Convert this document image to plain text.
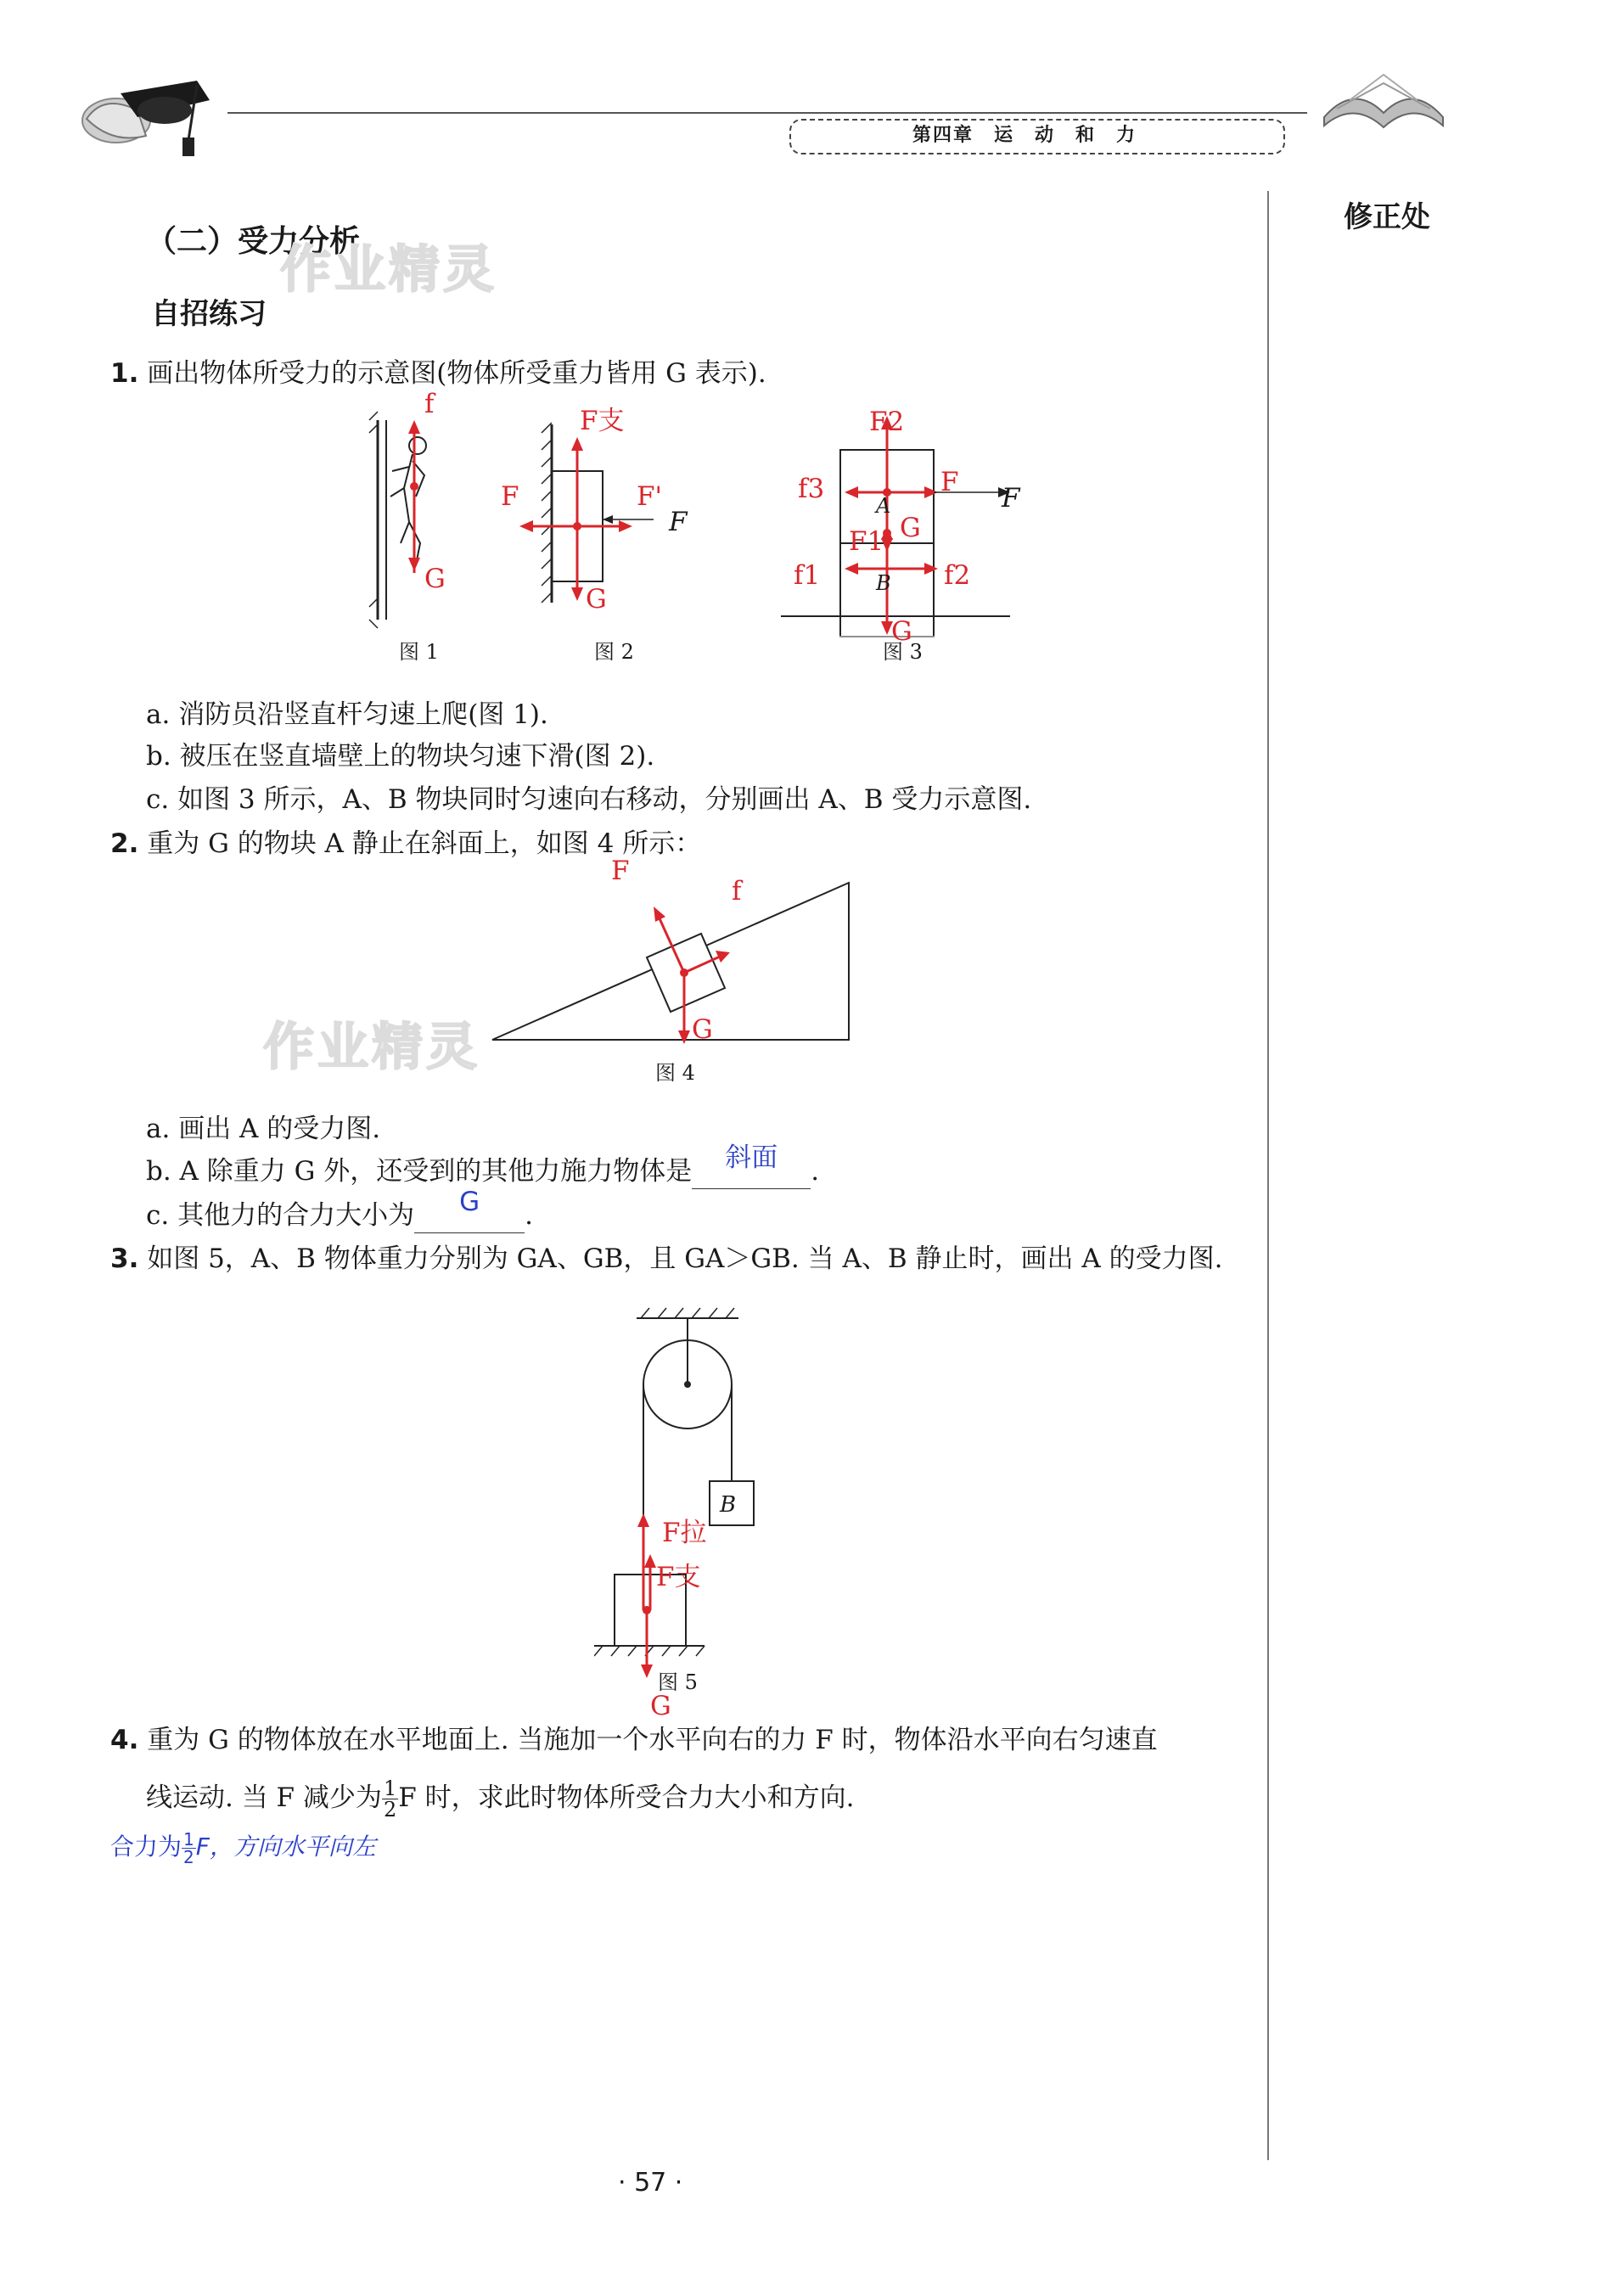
第四章　运　动　和　力
修正处
（二）受力分析
作业精灵
自招练习
1. 画出物体所受力的示意图(物体所受重力皆用 G 表示).
f
G
图 1
F支
F	F'
F
G
图 2
F2
f3	F
F
A
F1 G
f1	f2
B
G
图 3
a. 消防员沿竖直杆匀速上爬(图 1).
b. 被压在竖直墙壁上的物块匀速下滑(图 2).
c. 如图 3 所示，A、B 物块同时匀速向右移动，分别画出 A、B 受力示意图.
2. 重为 G 的物块 A 静止在斜面上，如图 4 所示：
F
f
G
作业精灵	图 4
a. 画出 A 的受力图.
b. A 除重力 G 外，还受到的其他力施力物体是 斜面 .
c. 其他力的合力大小为 G .
3. 如图 5，A、B 物体重力分别为 GA、GB，且 GA＞GB. 当 A、B 静止时，画出 A 的受力图.
B
F拉
F支
图 5
G
4. 重为 G 的物体放在水平地面上. 当施加一个水平向右的力 F 时，物体沿水平向右匀速直
线运动. 当 F 减少为 $\frac{1}{2}$ F 时，求此时物体所受合力大小和方向.
合力为 $\frac{1}{2}$ F，方向水平向左
· 57 ·
